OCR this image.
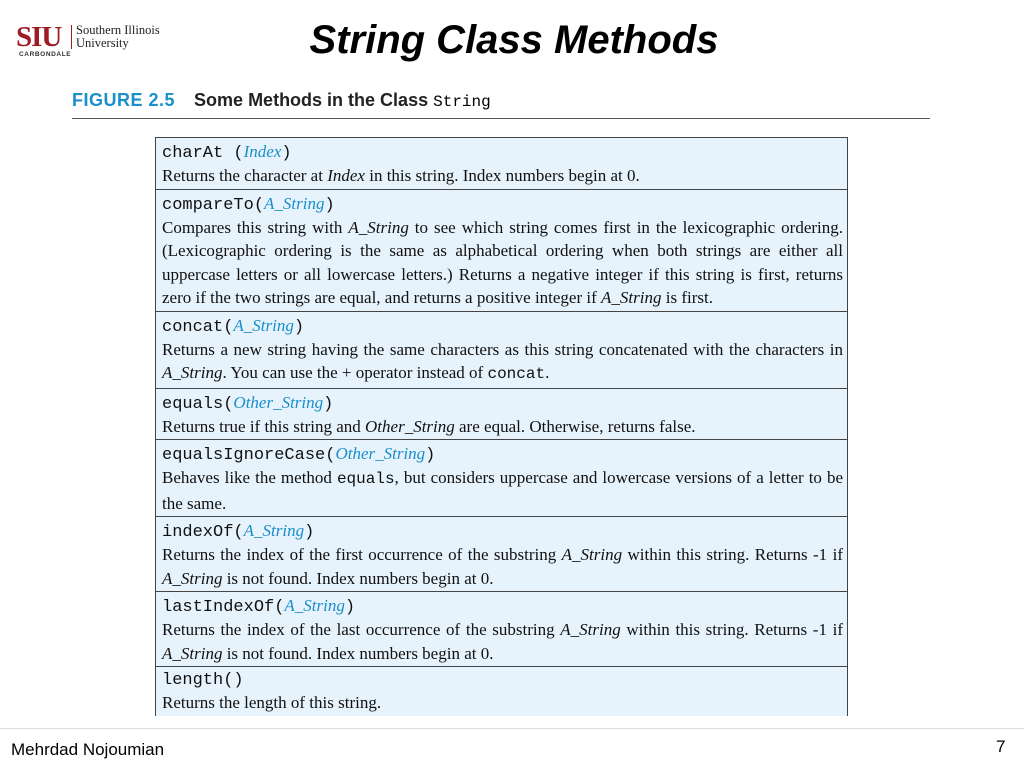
SIU Southern Illinois
University
CARBONDALE	String Class Methods
FIGURE 2.5 Some Methods in the Class String
charAt (Index)
Returns the character at Index in this string. Index numbers begin at 0.
compareTo(A_String)
Compares this string with A_String to see which string comes first in the lexicographic ordering. (Lexicographic ordering is the same as alphabetical ordering when both strings are either all uppercase letters or all lowercase letters.) Returns a negative integer if this string is first, returns zero if the two strings are equal, and returns a positive integer if A_String is first.
concat(A_String)
Returns a new string having the same characters as this string concatenated with the characters in A_String. You can use the + operator instead of concat.
equals(Other_String)
Returns true if this string and Other_String are equal. Otherwise, returns false.
equalsIgnoreCase(Other_String)
Behaves like the method equals, but considers uppercase and lowercase versions of a letter to be the same.
indexOf(A_String)
Returns the index of the first occurrence of the substring A_String within this string. Returns -1 if A_String is not found. Index numbers begin at 0.
lastIndexOf(A_String)
Returns the index of the last occurrence of the substring A_String within this string. Returns -1 if A_String is not found. Index numbers begin at 0.
length()
Returns the length of this string.
Mehrdad Nojoumian	7
